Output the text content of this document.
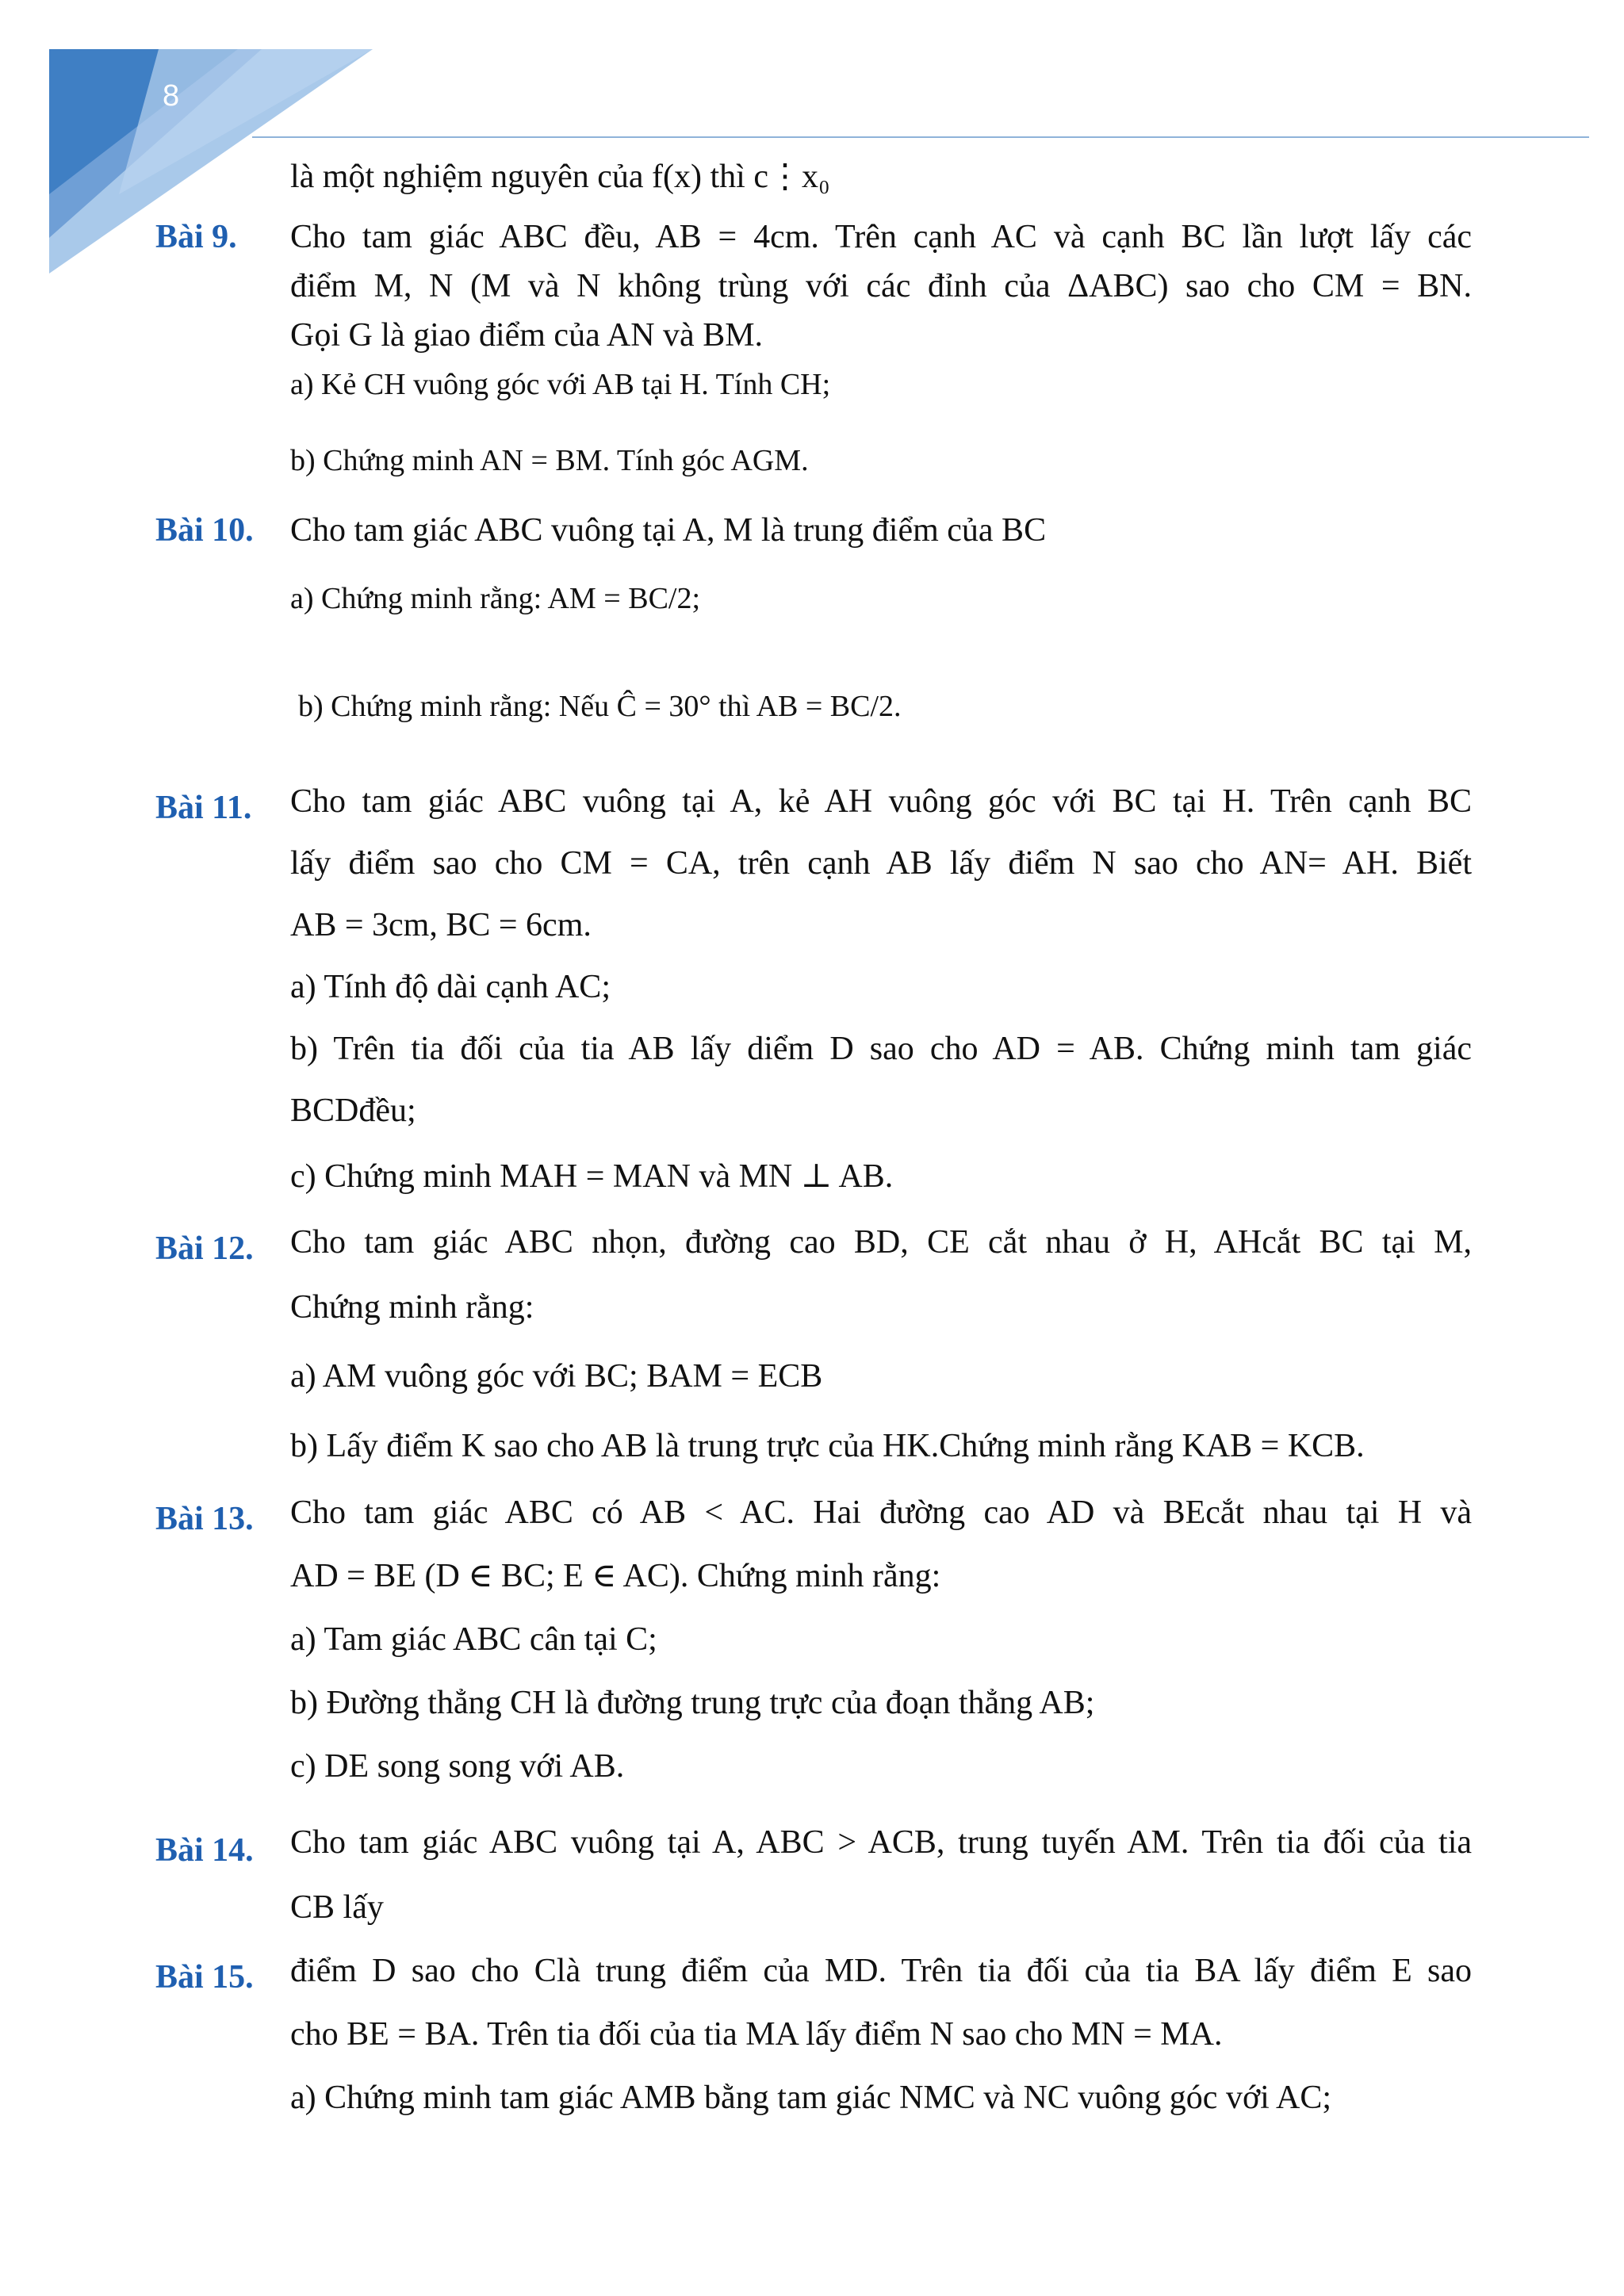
8
là một nghiệm nguyên của f(x) thì c⋮x₀
Bài 9. Cho tam giác ABC đều, AB = 4cm. Trên cạnh AC và cạnh BC lần lượt lấy các
điểm M, N (M và N không trùng với các đỉnh của ΔABC) sao cho CM = BN.
Gọi G là giao điểm của AN và BM.
a) Kẻ CH vuông góc với AB tại H. Tính CH;
b) Chứng minh AN = BM. Tính góc AGM.
Bài 10. Cho tam giác ABC vuông tại A, M là trung điểm của BC
a) Chứng minh rằng: AM = BC/2;
b) Chứng minh rằng: Nếu Ĉ = 30° thì AB = BC/2.
Bài 11. Cho tam giác ABC vuông tại A, kẻ AH vuông góc với BC tại H. Trên cạnh BC
lấy điểm sao cho CM = CA, trên cạnh AB lấy điểm N sao cho AN= AH. Biết
AB = 3cm, BC = 6cm.
a) Tính độ dài cạnh AC;
b) Trên tia đối của tia AB lấy diểm D sao cho AD = AB. Chứng minh tam giác
BCDđều;
c) Chứng minh MAH = MAN và MN ⊥ AB.
Bài 12. Cho tam giác ABC nhọn, đường cao BD, CE cắt nhau ở H, AHcắt BC tại M,
Chứng minh rằng:
a) AM vuông góc với BC; BAM = ECB
b) Lấy điểm K sao cho AB là trung trực của HK.Chứng minh rằng KAB = KCB.
Bài 13. Cho tam giác ABC có AB < AC. Hai đường cao AD và BEcắt nhau tại H và
AD = BE (D ∈ BC; E ∈ AC). Chứng minh rằng:
a) Tam giác ABC cân tại C;
b) Đường thẳng CH là đường trung trực của đoạn thẳng AB;
c) DE song song với AB.
Bài 14. Cho tam giác ABC vuông tại A, ABC > ACB, trung tuyến AM. Trên tia đối của tia
CB lấy
Bài 15. điểm D sao cho Clà trung điểm của MD. Trên tia đối của tia BA lấy điểm E sao
cho BE = BA. Trên tia đối của tia MA lấy điểm N sao cho MN = MA.
a) Chứng minh tam giác AMB bằng tam giác NMC và NC vuông góc với AC;
